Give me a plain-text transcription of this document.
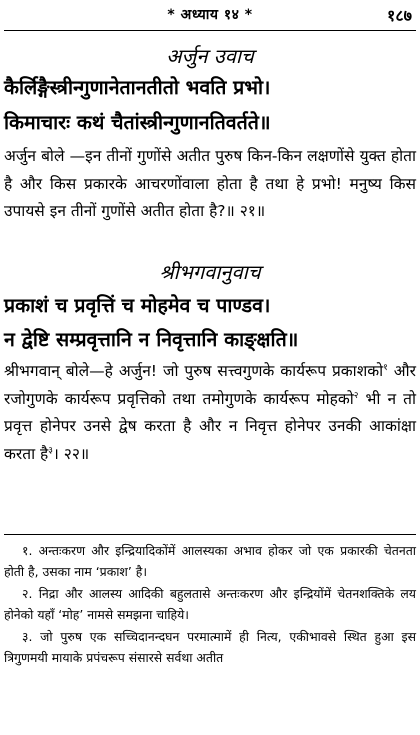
* अध्याय १४ *	१८७
अर्जुन उवाच
कैर्लिङ्गैस्त्रीन्गुणानेतानतीतो भवति प्रभो।
किमाचारः कथं चैतांस्त्रीन्गुणानतिवर्तते॥

अर्जुन बोले —इन तीनों गुणोंसे अतीत पुरुष किन-किन लक्षणोंसे युक्त होता है और किस प्रकारके आचरणोंवाला होता है तथा हे प्रभो! मनुष्य किस उपायसे इन तीनों गुणोंसे अतीत होता है?॥ २१॥

श्रीभगवानुवाच
प्रकाशं च प्रवृत्तिं च मोहमेव च पाण्डव।
न द्वेष्टि सम्प्रवृत्तानि न निवृत्तानि काङ्क्षति॥

श्रीभगवान् बोले—हे अर्जुन! जो पुरुष सत्त्वगुणके कार्यरूप प्रकाशको$^१$ और रजोगुणके कार्यरूप प्रवृत्तिको तथा तमोगुणके कार्यरूप मोहको$^२$ भी न तो प्रवृत्त होनेपर उनसे द्वेष करता है और न निवृत्त होनेपर उनकी आकांक्षा करता है$^३$। २२॥

१. अन्तःकरण और इन्द्रियादिकोंमें आलस्यका अभाव होकर जो एक प्रकारकी चेतनता होती है, उसका नाम ‘प्रकाश’ है।

२. निद्रा और आलस्य आदिकी बहुलतासे अन्तःकरण और इन्द्रियोंमें चेतनशक्तिके लय होनेको यहाँ ‘मोह’ नामसे समझना चाहिये।

३. जो पुरुष एक सच्चिदानन्दघन परमात्मामें ही नित्य, एकीभावसे स्थित हुआ इस त्रिगुणमयी मायाके प्रपंचरूप संसारसे सर्वथा अतीत
